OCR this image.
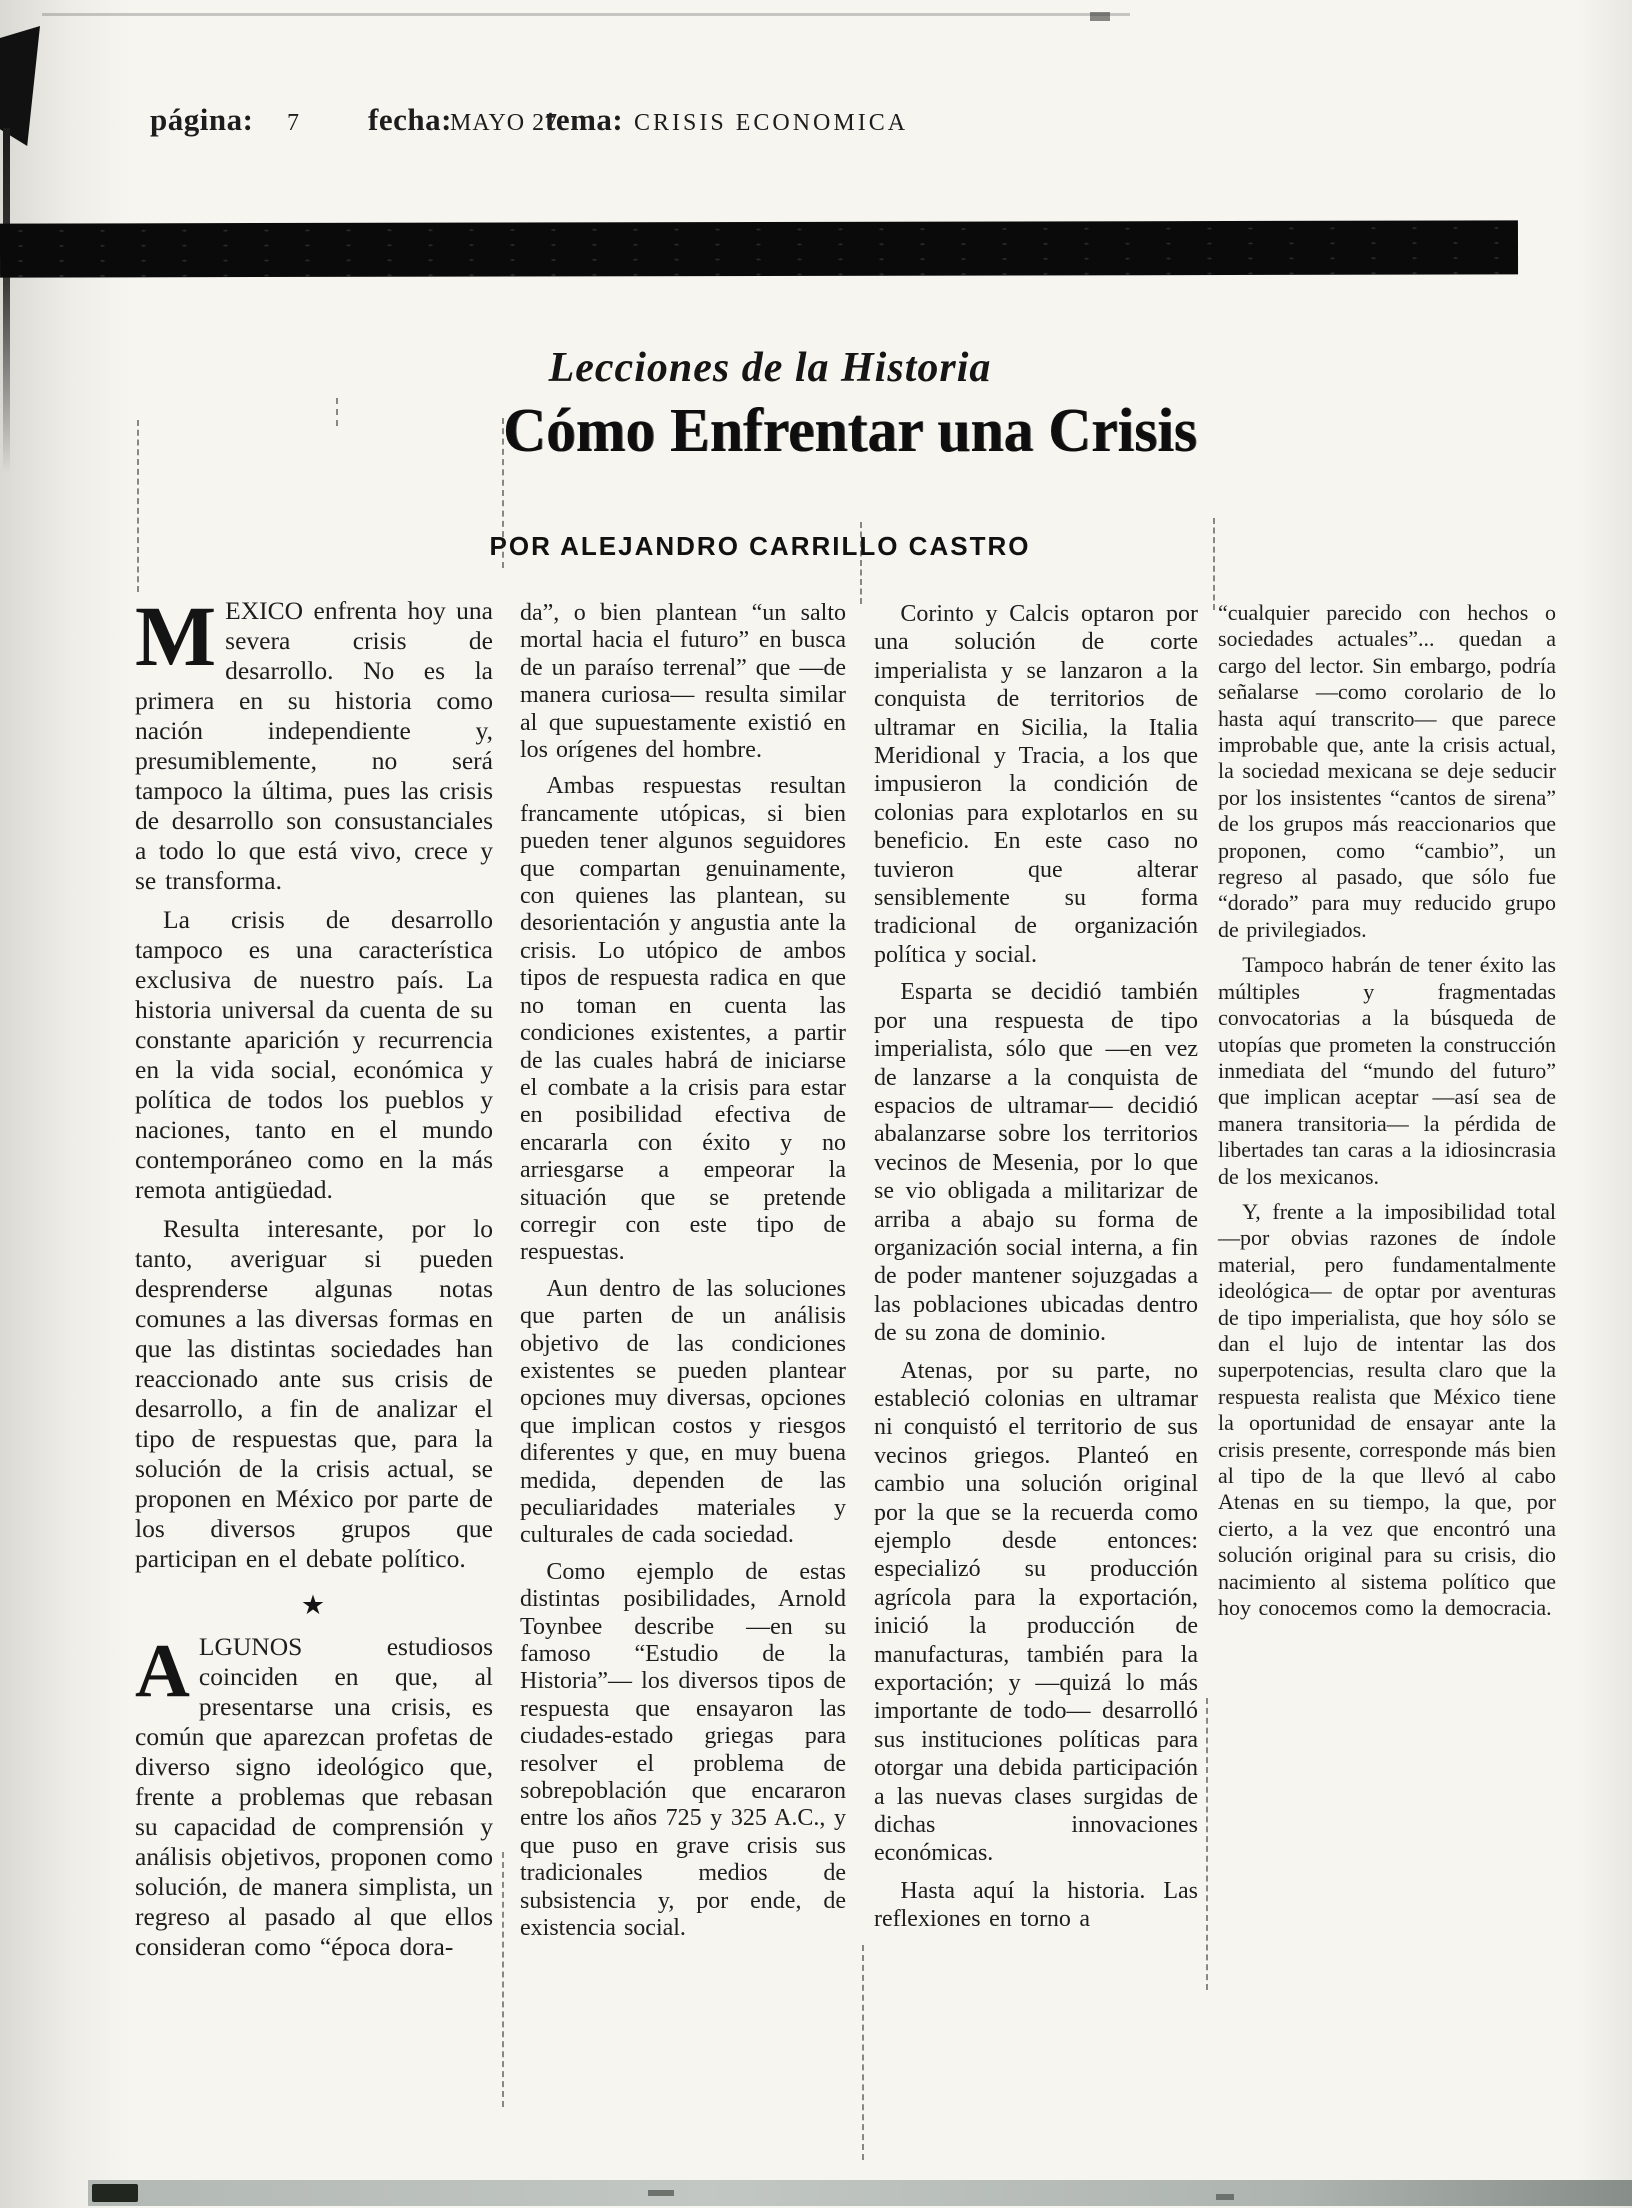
página: 7 fecha:
MAYO 27
tema: CRISIS ECONOMICA
Lecciones de la Historia
Cómo Enfrentar una Crisis
POR ALEJANDRO CARRILLO CASTRO

MEXICO enfrenta hoy una severa crisis de desarrollo. No es la primera en su historia como nación independiente y, presumiblemente, no será tampoco la última, pues las crisis de desarrollo son consustanciales a todo lo que está vivo, crece y se transforma.

La crisis de desarrollo tampoco es una característica exclusiva de nuestro país. La historia universal da cuenta de su constante aparición y recurrencia en la vida social, económica y política de todos los pueblos y naciones, tanto en el mundo contemporáneo como en la más remota antigüedad.

Resulta interesante, por lo tanto, averiguar si pueden desprenderse algunas notas comunes a las diversas formas en que las distintas sociedades han reaccionado ante sus crisis de desarrollo, a fin de analizar el tipo de respuestas que, para la solución de la crisis actual, se proponen en México por parte de los diversos grupos que participan en el debate político.

★

ALGUNOS estudiosos coinciden en que, al presentarse una crisis, es común que aparezcan profetas de diverso signo ideológico que, frente a problemas que rebasan su capacidad de comprensión y análisis objetivos, proponen como solución, de manera simplista, un regreso al pasado al que ellos consideran como “época dora-

da”, o bien plantean “un salto mortal hacia el futuro” en busca de un paraíso terrenal” que —de manera curiosa— resulta similar al que supuestamente existió en los orígenes del hombre.

Ambas respuestas resultan francamente utópicas, si bien pueden tener algunos seguidores que compartan genuinamente, con quienes las plantean, su desorientación y angustia ante la crisis. Lo utópico de ambos tipos de respuesta radica en que no toman en cuenta las condiciones existentes, a partir de las cuales habrá de iniciarse el combate a la crisis para estar en posibilidad efectiva de encararla con éxito y no arriesgarse a empeorar la situación que se pretende corregir con este tipo de respuestas.

Aun dentro de las soluciones que parten de un análisis objetivo de las condiciones existentes se pueden plantear opciones muy diversas, opciones que implican costos y riesgos diferentes y que, en muy buena medida, dependen de las peculiaridades materiales y culturales de cada sociedad.

Como ejemplo de estas distintas posibilidades, Arnold Toynbee describe —en su famoso “Estudio de la Historia”— los diversos tipos de respuesta que ensayaron las ciudades-estado griegas para resolver el problema de sobrepoblación que encararon entre los años 725 y 325 A.C., y que puso en grave crisis sus tradicionales medios de subsistencia y, por ende, de existencia social.

Corinto y Calcis optaron por una solución de corte imperialista y se lanzaron a la conquista de territorios de ultramar en Sicilia, la Italia Meridional y Tracia, a los que impusieron la condición de colonias para explotarlos en su beneficio. En este caso no tuvieron que alterar sensiblemente su forma tradicional de organización política y social.

Esparta se decidió también por una respuesta de tipo imperialista, sólo que —en vez de lanzarse a la conquista de espacios de ultramar— decidió abalanzarse sobre los territorios vecinos de Mesenia, por lo que se vio obligada a militarizar de arriba a abajo su forma de organización social interna, a fin de poder mantener sojuzgadas a las poblaciones ubicadas dentro de su zona de dominio.

Atenas, por su parte, no estableció colonias en ultramar ni conquistó el territorio de sus vecinos griegos. Planteó en cambio una solución original por la que se la recuerda como ejemplo desde entonces: especializó su producción agrícola para la exportación, inició la producción de manufacturas, también para la exportación; y —quizá lo más importante de todo— desarrolló sus instituciones políticas para otorgar una debida participación a las nuevas clases surgidas de dichas innovaciones económicas.

Hasta aquí la historia. Las reflexiones en torno a

“cualquier parecido con hechos o sociedades actuales”... quedan a cargo del lector. Sin embargo, podría señalarse —como corolario de lo hasta aquí transcrito— que parece improbable que, ante la crisis actual, la sociedad mexicana se deje seducir por los insistentes “cantos de sirena” de los grupos más reaccionarios que proponen, como “cambio”, un regreso al pasado, que sólo fue “dorado” para muy reducido grupo de privilegiados.

Tampoco habrán de tener éxito las múltiples y fragmentadas convocatorias a la búsqueda de utopías que prometen la construcción inmediata del “mundo del futuro” que implican aceptar —así sea de manera transitoria— la pérdida de libertades tan caras a la idiosincrasia de los mexicanos.

Y, frente a la imposibilidad total —por obvias razones de índole material, pero fundamentalmente ideológica— de optar por aventuras de tipo imperialista, que hoy sólo se dan el lujo de intentar las dos superpotencias, resulta claro que la respuesta realista que México tiene la oportunidad de ensayar ante la crisis presente, corresponde más bien al tipo de la que llevó al cabo Atenas en su tiempo, la que, por cierto, a la vez que encontró una solución original para su crisis, dio nacimiento al sistema político que hoy conocemos como la democracia.
